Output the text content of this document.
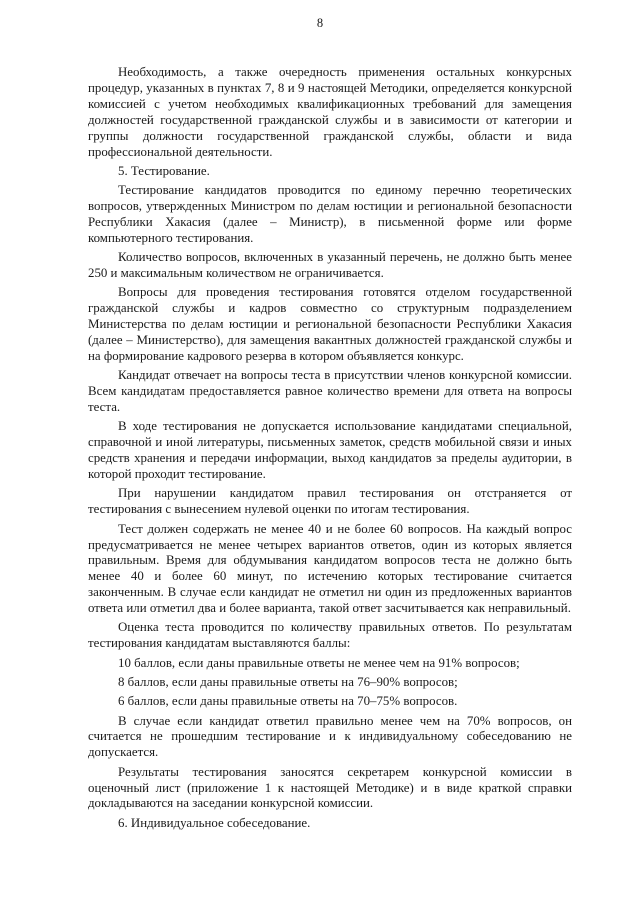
8

Необходимость, а также очередность применения остальных конкурсных процедур, указанных в пунктах 7, 8 и 9 настоящей Методики, определяется конкурсной комиссией с учетом необходимых квалификационных требований для замещения должностей государственной гражданской службы и в зависимости от категории и группы должности государственной гражданской службы, области и вида профессиональной деятельности.

5. Тестирование.

Тестирование кандидатов проводится по единому перечню теоретических вопросов, утвержденных Министром по делам юстиции и региональной безопасности Республики Хакасия (далее – Министр), в письменной форме или форме компьютерного тестирования.

Количество вопросов, включенных в указанный перечень, не должно быть менее 250 и максимальным количеством не ограничивается.

Вопросы для проведения тестирования готовятся отделом государственной гражданской службы и кадров совместно со структурным подразделением Министерства по делам юстиции и региональной безопасности Республики Хакасия (далее – Министерство), для замещения вакантных должностей гражданской службы и на формирование кадрового резерва в котором объявляется конкурс.

Кандидат отвечает на вопросы теста в присутствии членов конкурсной комиссии. Всем кандидатам предоставляется равное количество времени для ответа на вопросы теста.

В ходе тестирования не допускается использование кандидатами специальной, справочной и иной литературы, письменных заметок, средств мобильной связи и иных средств хранения и передачи информации, выход кандидатов за пределы аудитории, в которой проходит тестирование.

При нарушении кандидатом правил тестирования он отстраняется от тестирования с вынесением нулевой оценки по итогам тестирования.

Тест должен содержать не менее 40 и не более 60 вопросов. На каждый вопрос предусматривается не менее четырех вариантов ответов, один из которых является правильным. Время для обдумывания кандидатом вопросов теста не должно быть менее 40 и более 60 минут, по истечению которых тестирование считается законченным. В случае если кандидат не отметил ни один из предложенных вариантов ответа или отметил два и более варианта, такой ответ засчитывается как неправильный.

Оценка теста проводится по количеству правильных ответов. По результатам тестирования кандидатам выставляются баллы:

10 баллов, если даны правильные ответы не менее чем на 91% вопросов;

8 баллов, если даны правильные ответы на 76–90% вопросов;

6 баллов, если даны правильные ответы на 70–75% вопросов.

В случае если кандидат ответил правильно менее чем на 70% вопросов, он считается не прошедшим тестирование и к индивидуальному собеседованию не допускается.

Результаты тестирования заносятся секретарем конкурсной комиссии в оценочный лист (приложение 1 к настоящей Методике) и в виде краткой справки докладываются на заседании конкурсной комиссии.

6. Индивидуальное собеседование.
